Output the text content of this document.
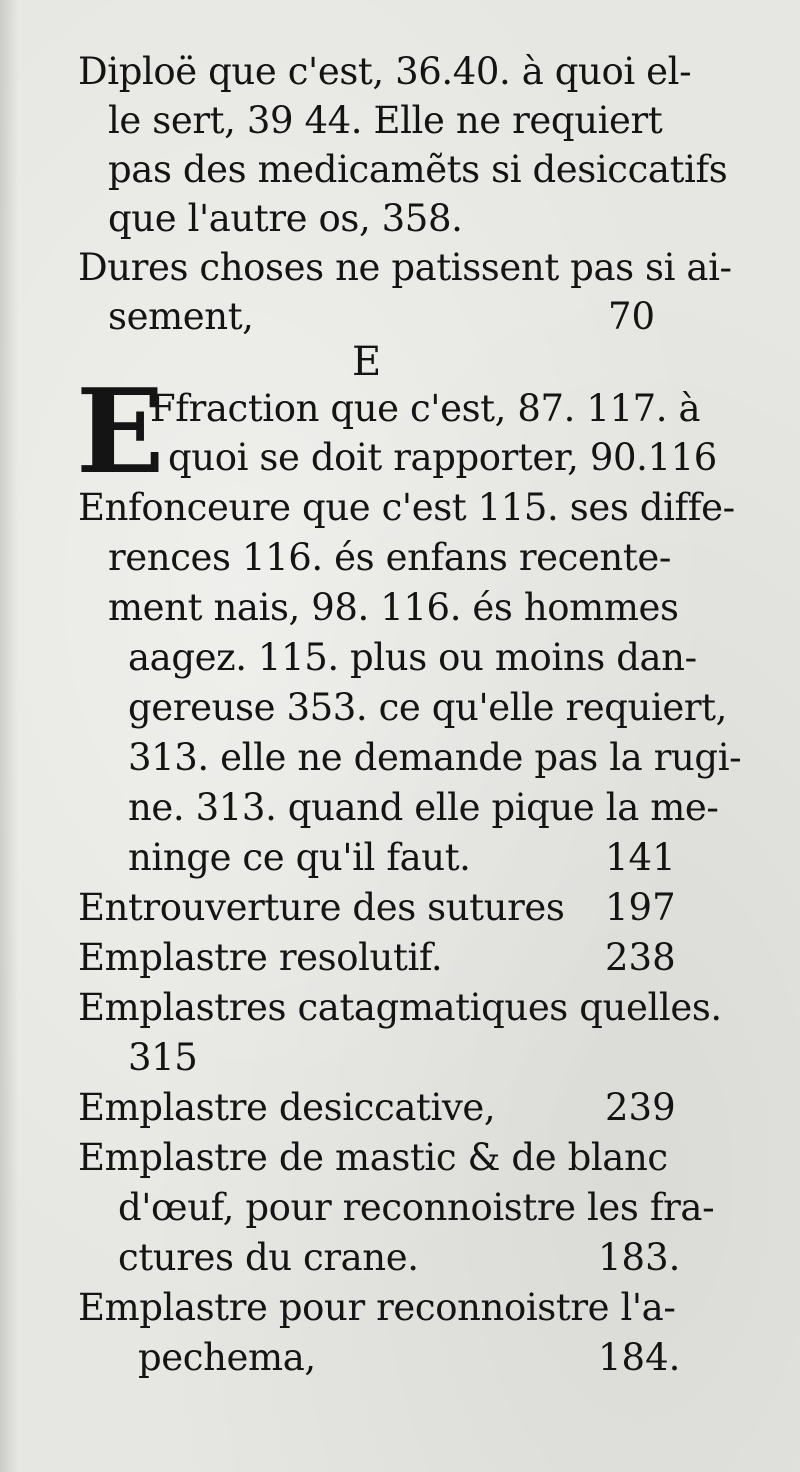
Diploë que c'est, 36.40. à quoi el-
le sert, 39 44. Elle ne requiert
pas des medicamẽts si desiccatifs
que l'autre os, 358.
Dures choses ne patissent pas si ai-
sement,	70
E
E
Ffraction que c'est, 87. 117. à
quoi se doit rapporter, 90.116
Enfonceure que c'est 115. ses diffe-
rences 116. és enfans recente-
ment nais, 98. 116. és hommes
aagez. 115. plus ou moins dan-
gereuse 353. ce qu'elle requiert,
313. elle ne demande pas la rugi-
ne. 313. quand elle pique la me-
ninge ce qu'il faut.	141
Entrouverture des sutures 197
Emplastre resolutif.	238
Emplastres catagmatiques quelles.
315
Emplastre desiccative,	239
Emplastre de mastic & de blanc
d'œuf, pour reconnoistre les fra-
ctures du crane.	183.
Emplastre pour reconnoistre l'a-
pechema,	184.
